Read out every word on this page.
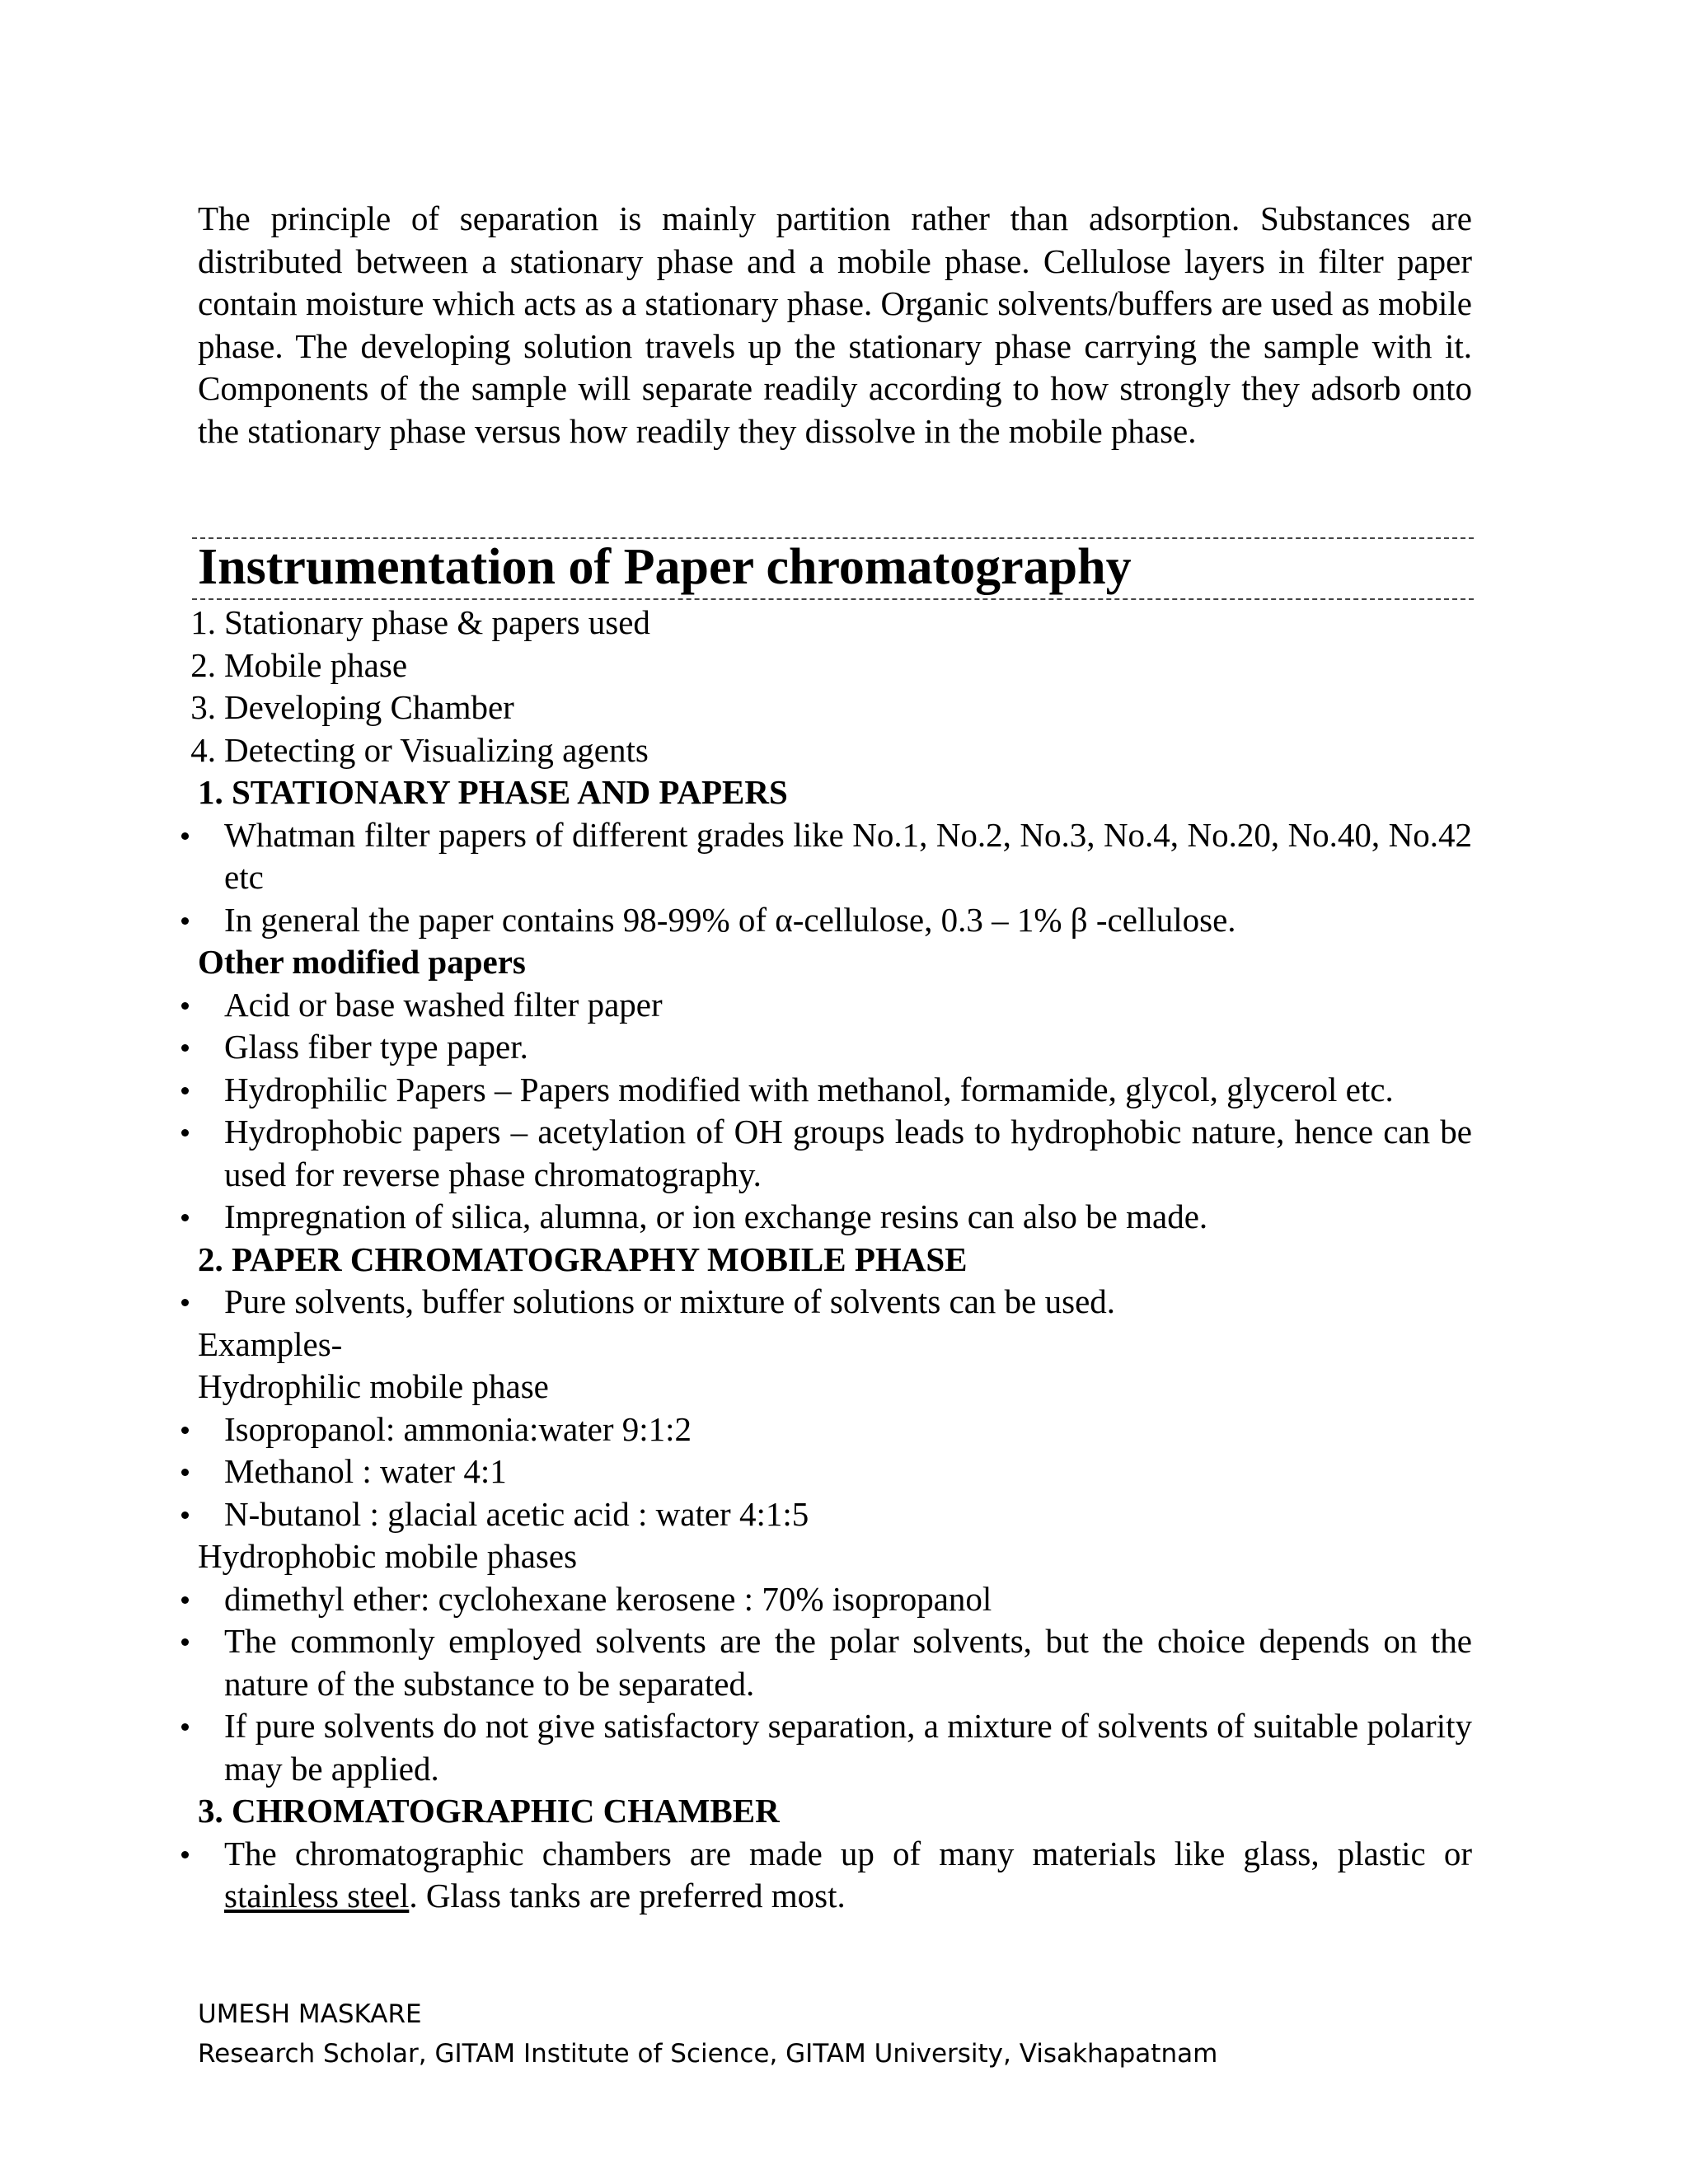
The principle of separation is mainly partition rather than adsorption. Substances are distributed between a stationary phase and a mobile phase. Cellulose layers in filter paper contain moisture which acts as a stationary phase. Organic solvents/buffers are used as mobile phase. The developing solution travels up the stationary phase carrying the sample with it. Components of the sample will separate readily according to how strongly they adsorb onto the stationary phase versus how readily they dissolve in the mobile phase.

Instrumentation of Paper chromatography
1. Stationary phase & papers used
2. Mobile phase
3. Developing Chamber
4. Detecting or Visualizing agents

1. STATIONARY PHASE AND PAPERS

Whatman filter papers of different grades like No.1, No.2, No.3, No.4, No.20, No.40, No.42 etc
In general the paper contains 98-99% of α-cellulose, 0.3 – 1% β -cellulose.

Other modified papers

Acid or base washed filter paper
Glass fiber type paper.
Hydrophilic Papers – Papers modified with methanol, formamide, glycol, glycerol etc.
Hydrophobic papers – acetylation of OH groups leads to hydrophobic nature, hence can be used for reverse phase chromatography.
Impregnation of silica, alumna, or ion exchange resins can also be made.

2. PAPER CHROMATOGRAPHY MOBILE PHASE

Pure solvents, buffer solutions or mixture of solvents can be used.

Examples-

Hydrophilic mobile phase

Isopropanol: ammonia:water 9:1:2
Methanol : water 4:1
N-butanol : glacial acetic acid : water 4:1:5

Hydrophobic mobile phases

dimethyl ether: cyclohexane kerosene : 70% isopropanol
The commonly employed solvents are the polar solvents, but the choice depends on the nature of the substance to be separated.
If pure solvents do not give satisfactory separation, a mixture of solvents of suitable polarity may be applied.

3. CHROMATOGRAPHIC CHAMBER

The chromatographic chambers are made up of many materials like glass, plastic or stainless steel. Glass tanks are preferred most.
UMESH MASKARE
Research Scholar, GITAM Institute of Science, GITAM University, Visakhapatnam
